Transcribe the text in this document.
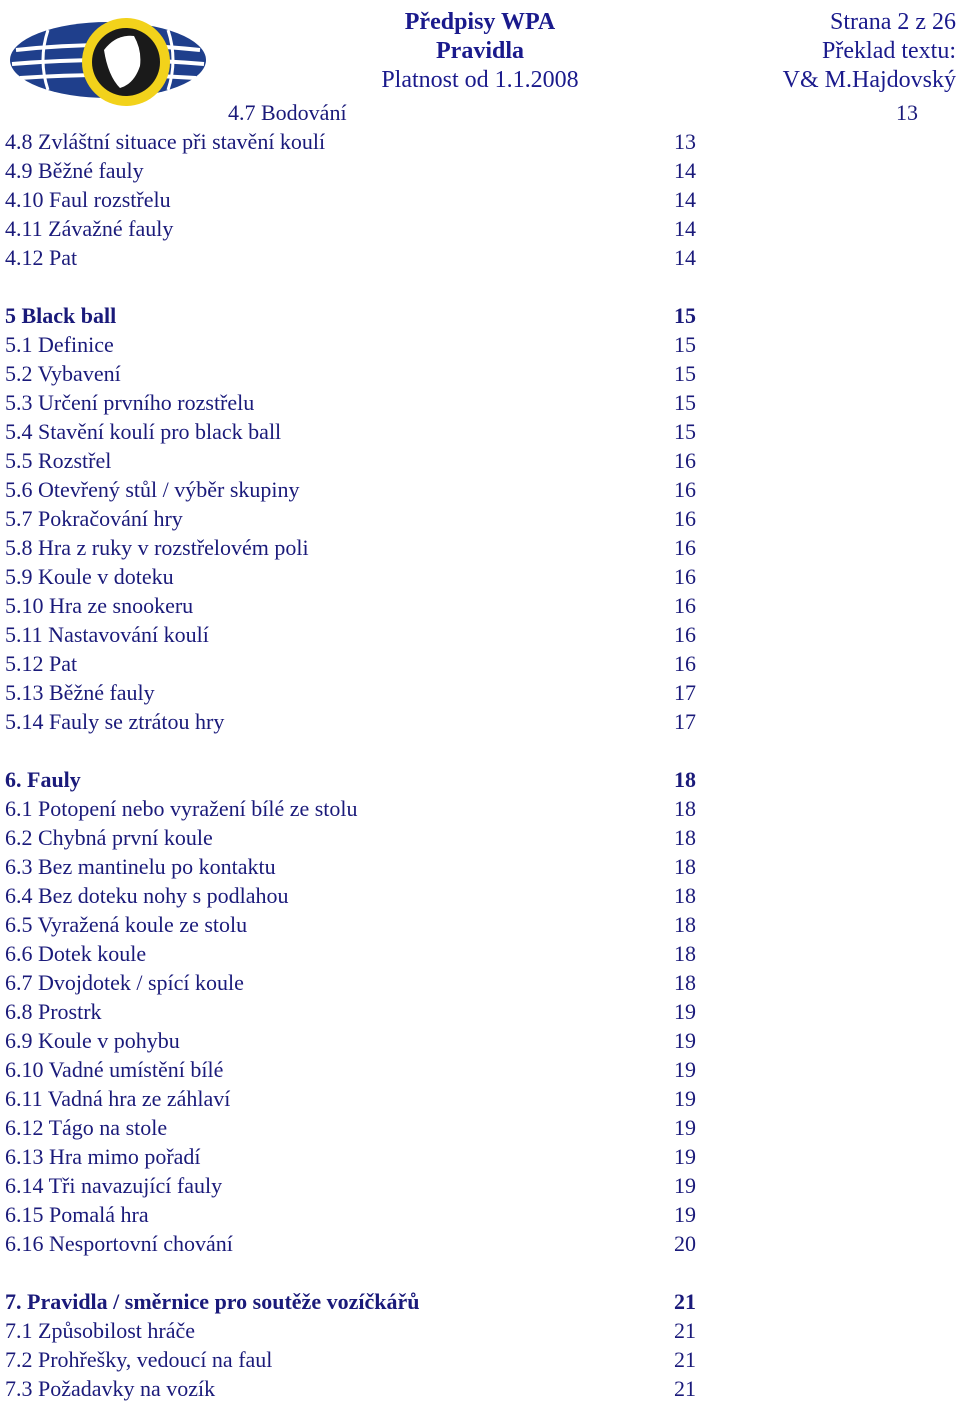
Předpisy WPA
Pravidla
Platnost od 1.1.2008
Strana 2 z 26
Překlad textu:
V& M.Hajdovský
4.7 Bodování	13
4.8 Zvláštní situace při stavění koulí	13
4.9 Běžné fauly	14
4.10 Faul rozstřelu	14
4.11 Závažné fauly	14
4.12 Pat	14
5 Black ball	15
5.1 Definice	15
5.2 Vybavení	15
5.3 Určení prvního rozstřelu	15
5.4 Stavění koulí pro black ball	15
5.5 Rozstřel	16
5.6 Otevřený stůl / výběr skupiny	16
5.7 Pokračování hry	16
5.8 Hra z ruky v rozstřelovém poli	16
5.9 Koule v doteku	16
5.10 Hra ze snookeru	16
5.11 Nastavování koulí	16
5.12 Pat	16
5.13 Běžné fauly	17
5.14 Fauly se ztrátou hry	17
6. Fauly	18
6.1 Potopení nebo vyražení bílé ze stolu	18
6.2 Chybná první koule	18
6.3 Bez mantinelu po kontaktu	18
6.4 Bez doteku nohy s podlahou	18
6.5 Vyražená koule ze stolu	18
6.6 Dotek koule	18
6.7 Dvojdotek / spící koule	18
6.8 Prostrk	19
6.9 Koule v pohybu	19
6.10 Vadné umístění bílé	19
6.11 Vadná hra ze záhlaví	19
6.12 Tágo na stole	19
6.13 Hra mimo pořadí	19
6.14 Tři navazující fauly	19
6.15 Pomalá hra	19
6.16 Nesportovní chování	20
7. Pravidla / směrnice pro soutěže vozíčkářů	21
7.1 Způsobilost hráče	21
7.2 Prohřešky, vedoucí na faul	21
7.3 Požadavky na vozík	21
